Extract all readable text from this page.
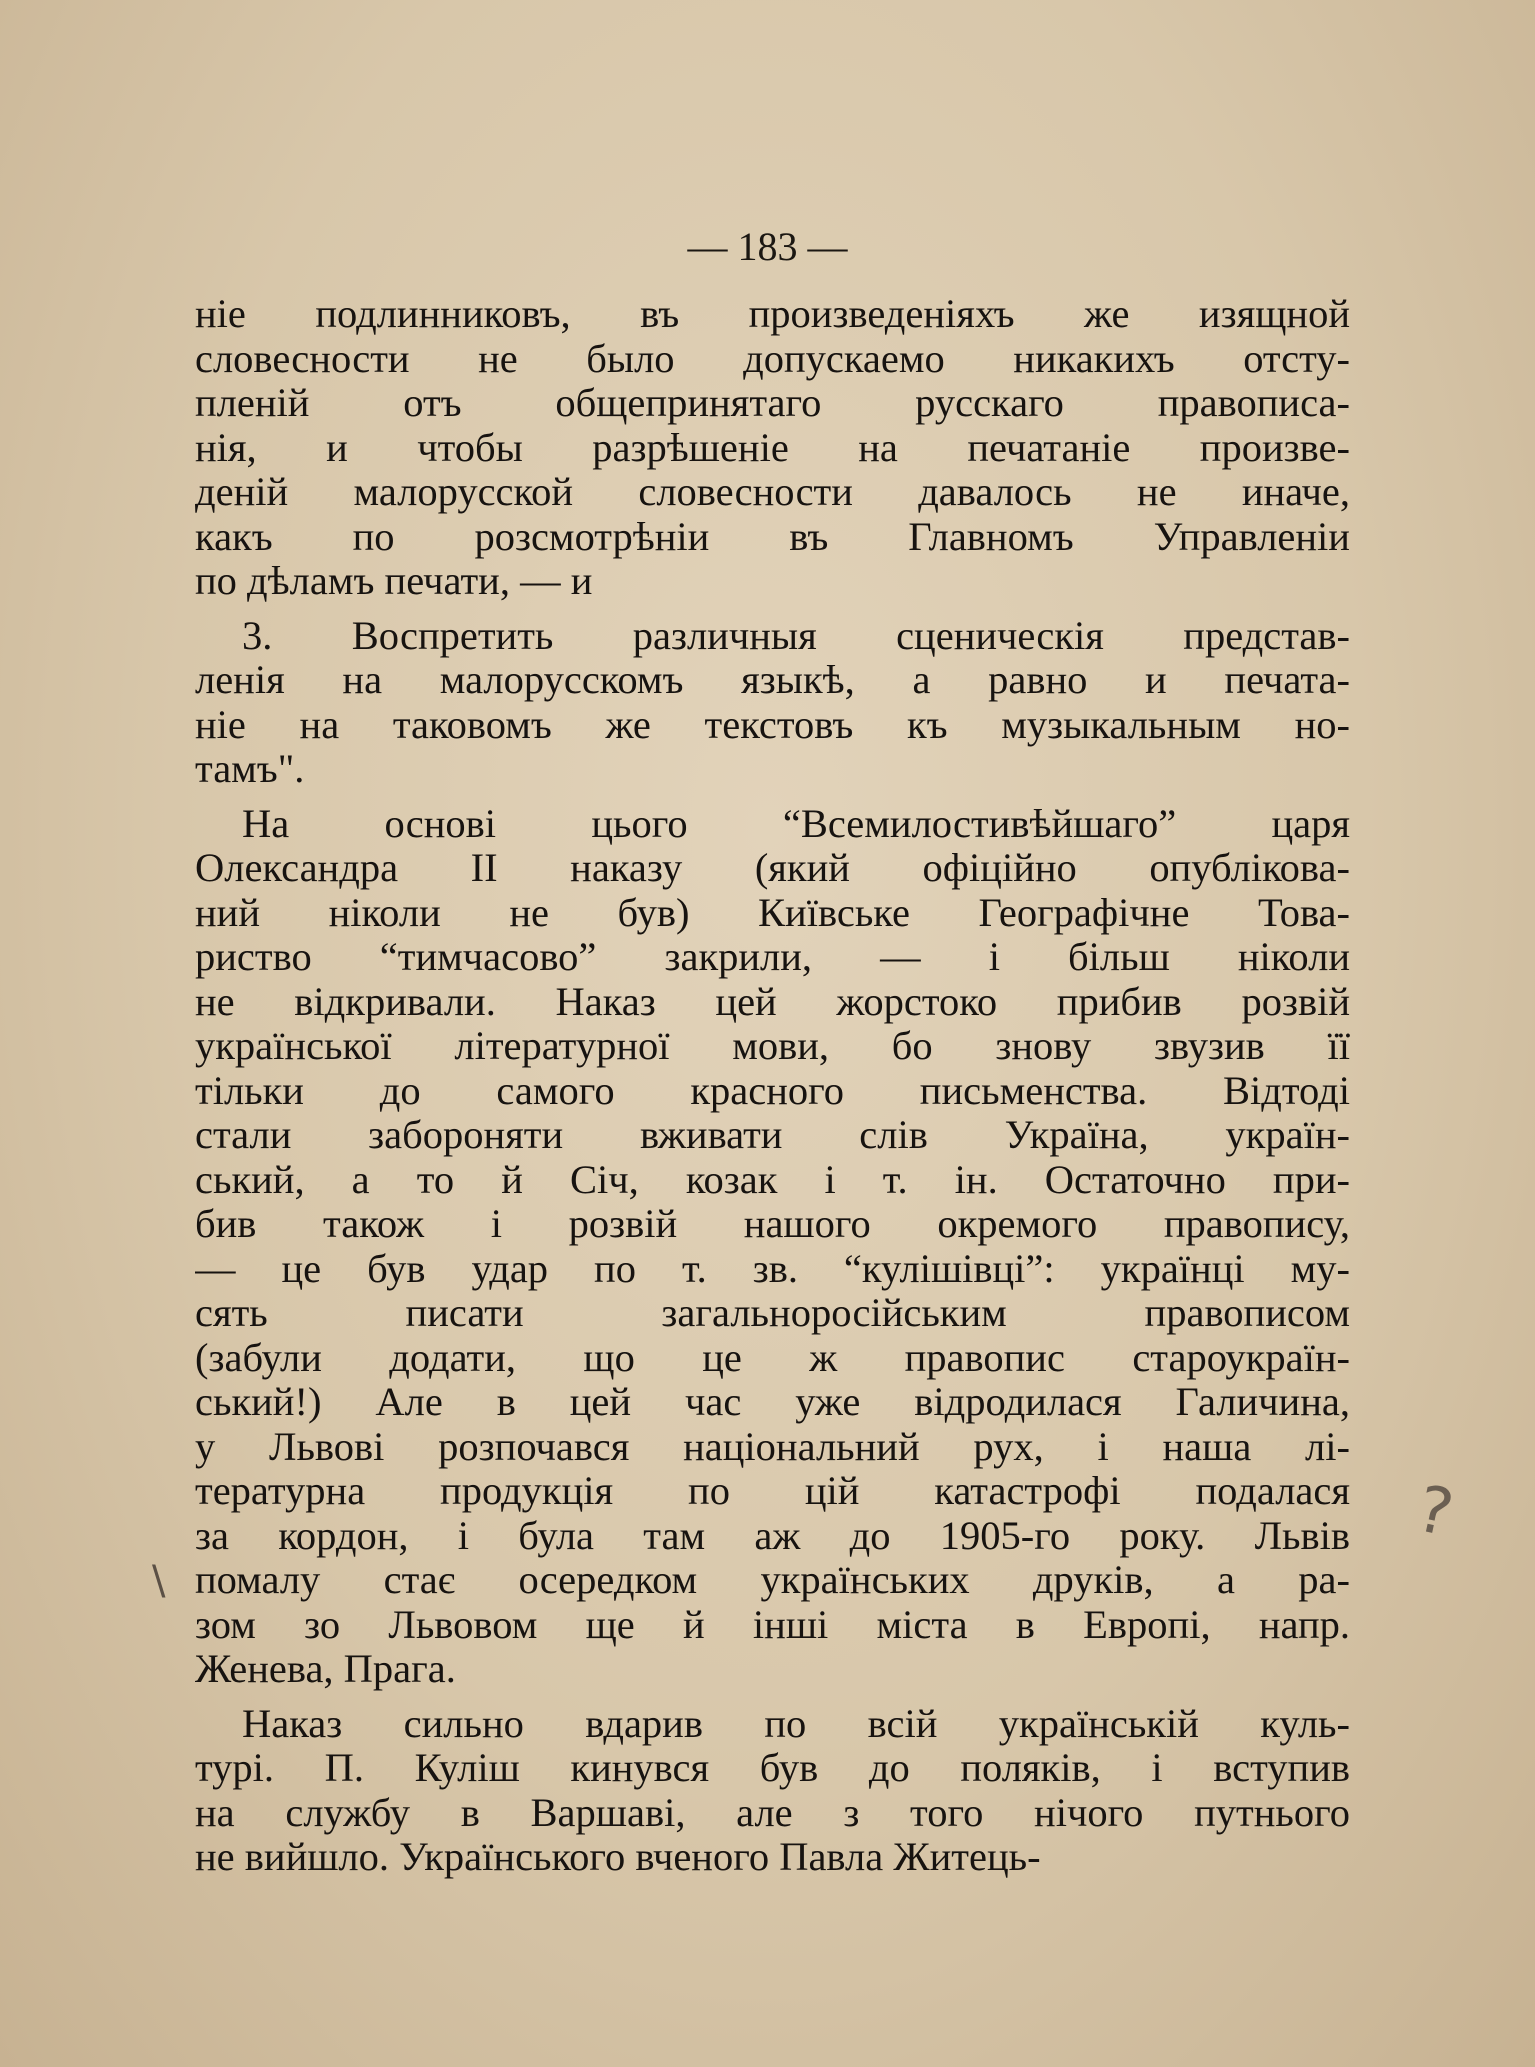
— 183 —
ніе подлинниковъ, въ произведеніяхъ же изящной
словесности не было допускаемо никакихъ отсту-
пленій отъ общепринятаго русскаго правописа-
нія, и чтобы разрѣшеніе на печатаніе произве-
деній малорусской словесности давалось не иначе,
какъ по розсмотрѣніи въ Главномъ Управленіи
по дѣламъ печати, — и
3. Воспретить различныя сценическія представ-
ленія на малорусскомъ языкѣ, а равно и печата-
ніе на таковомъ же текстовъ къ музыкальным но-
тамъ".
На основі цього “Всемилостивѣйшаго” царя
Олександра II наказу (який офіційно опублікова-
ний ніколи не був) Київське Географічне Това-
риство “тимчасово” закрили, — і більш ніколи
не відкривали. Наказ цей жорстоко прибив розвій
української літературної мови, бо знову звузив її
тільки до самого красного письменства. Відтоді
стали забороняти вживати слів Україна, україн-
ський, а то й Січ, козак і т. ін. Остаточно при-
бив також і розвій нашого окремого правопису,
— це був удар по т. зв. “кулішівці”: українці му-
сять писати загальноросійським правописом
(забули додати, що це ж правопис староукраїн-
ський!) Але в цей час уже відродилася Галичина,
у Львові розпочався національний рух, і наша лі-
тературна продукція по цій катастрофі подалася
за кордон, і була там аж до 1905-го року. Львів
помалу стає осередком українських друків, а ра-
зом зо Львовом ще й інші міста в Европі, напр.
Женева, Прага.
Наказ сильно вдарив по всій українській куль-
турі. П. Куліш кинувся був до поляків, і вступив
на службу в Варшаві, але з того нічого путнього
не вийшло. Українського вченого Павла Житець-
?
\
